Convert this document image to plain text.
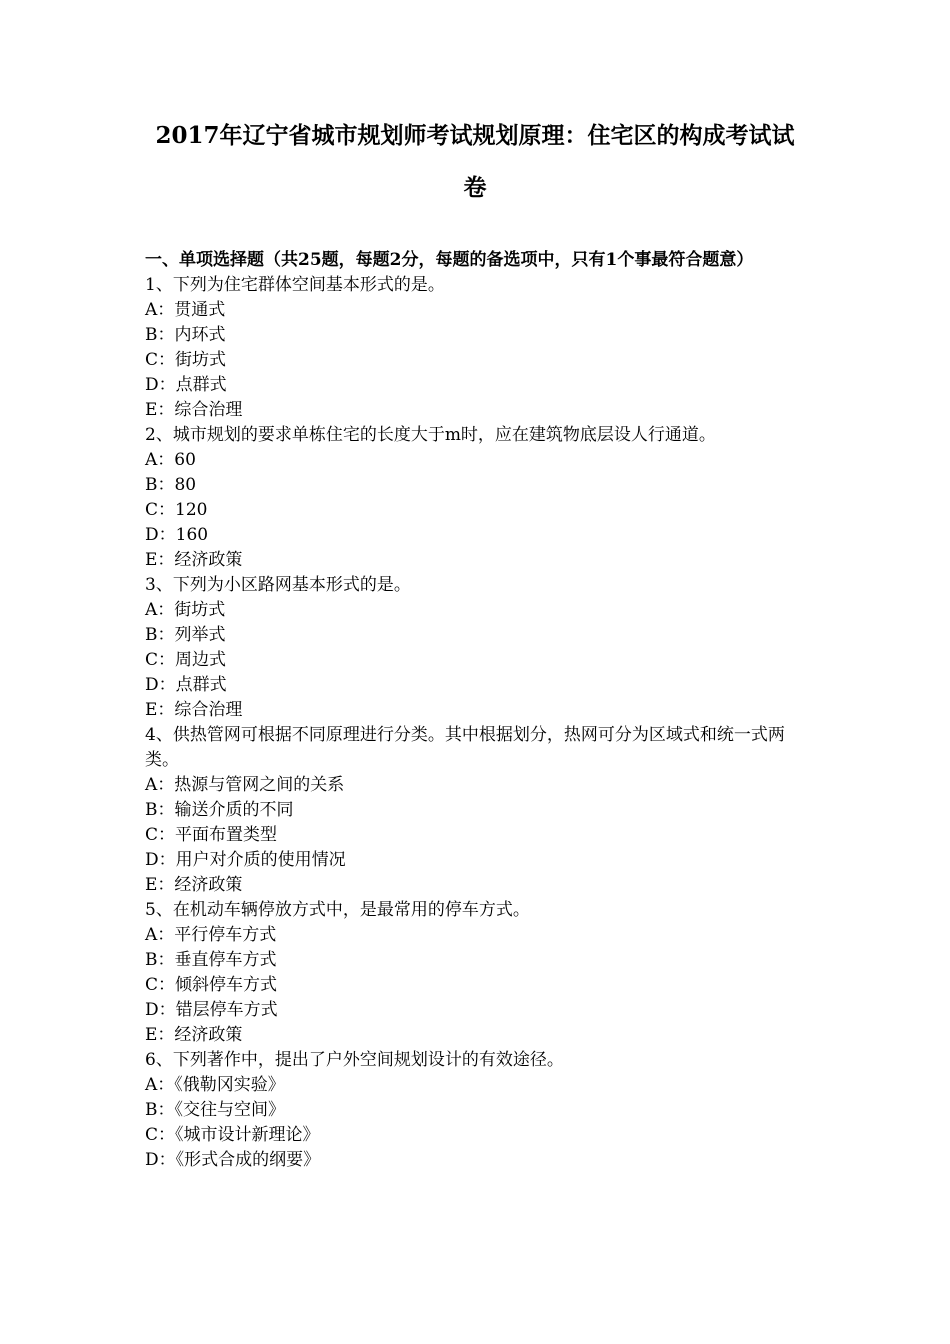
2017年辽宁省城市规划师考试规划原理：住宅区的构成考试试卷

一、单项选择题（共25题，每题2分，每题的备选项中，只有1个事最符合题意）

1、下列为住宅群体空间基本形式的是。

A：贯通式

B：内环式

C：街坊式

D：点群式

E：综合治理

2、城市规划的要求单栋住宅的长度大于m时，应在建筑物底层设人行通道。

A：60

B：80

C：120

D：160

E：经济政策

3、下列为小区路网基本形式的是。

A：街坊式

B：列举式

C：周边式

D：点群式

E：综合治理

4、供热管网可根据不同原理进行分类。其中根据划分，热网可分为区域式和统一式两类。

A：热源与管网之间的关系

B：输送介质的不同

C：平面布置类型

D：用户对介质的使用情况

E：经济政策

5、在机动车辆停放方式中，是最常用的停车方式。

A：平行停车方式

B：垂直停车方式

C：倾斜停车方式

D：错层停车方式

E：经济政策

6、下列著作中，提出了户外空间规划设计的有效途径。

A：《俄勒冈实验》

B：《交往与空间》

C：《城市设计新理论》

D：《形式合成的纲要》
